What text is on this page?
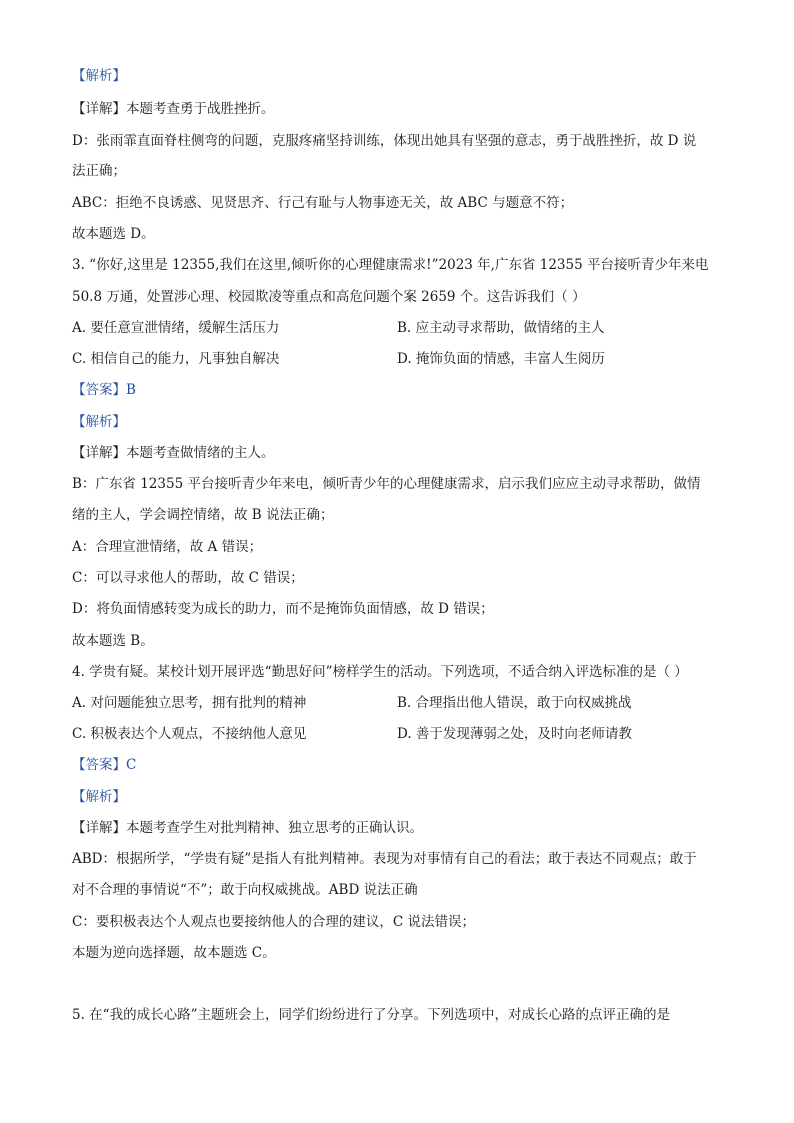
【解析】
【详解】本题考查勇于战胜挫折。
D：张雨霏直面脊柱侧弯的问题，克服疼痛坚持训练，体现出她具有坚强的意志，勇于战胜挫折，故 D 说
法正确；
ABC：拒绝不良诱惑、见贤思齐、行己有耻与人物事迹无关，故 ABC 与题意不符；
故本题选 D。
3. “你好,这里是 12355,我们在这里,倾听你的心理健康需求!”2023 年,广东省 12355 平台接听青少年来电
50.8 万通，处置涉心理、校园欺凌等重点和高危问题个案 2659 个。这告诉我们（ ）
A. 要任意宣泄情绪，缓解生活压力	B. 应主动寻求帮助，做情绪的主人
C. 相信自己的能力，凡事独自解决	D. 掩饰负面的情感，丰富人生阅历
【答案】B
【解析】
【详解】本题考查做情绪的主人。
B：广东省 12355 平台接听青少年来电，倾听青少年的心理健康需求，启示我们应应主动寻求帮助，做情
绪的主人，学会调控情绪，故 B 说法正确；
A：合理宣泄情绪，故 A 错误；
C：可以寻求他人的帮助，故 C 错误；
D：将负面情感转变为成长的助力，而不是掩饰负面情感，故 D 错误；
故本题选 B。
4. 学贵有疑。某校计划开展评选“勤思好问”榜样学生的活动。下列选项，不适合纳入评选标准的是（ ）
A. 对问题能独立思考，拥有批判的精神	B. 合理指出他人错误，敢于向权威挑战
C. 积极表达个人观点，不接纳他人意见	D. 善于发现薄弱之处，及时向老师请教
【答案】C
【解析】
【详解】本题考查学生对批判精神、独立思考的正确认识。
ABD：根据所学，“学贵有疑”是指人有批判精神。表现为对事情有自己的看法；敢于表达不同观点；敢于
对不合理的事情说“不”；敢于向权威挑战。ABD 说法正确
C：要积极表达个人观点也要接纳他人的合理的建议，C 说法错误；
本题为逆向选择题，故本题选 C。
5. 在“我的成长心路”主题班会上，同学们纷纷进行了分享。下列选项中，对成长心路的点评正确的是
